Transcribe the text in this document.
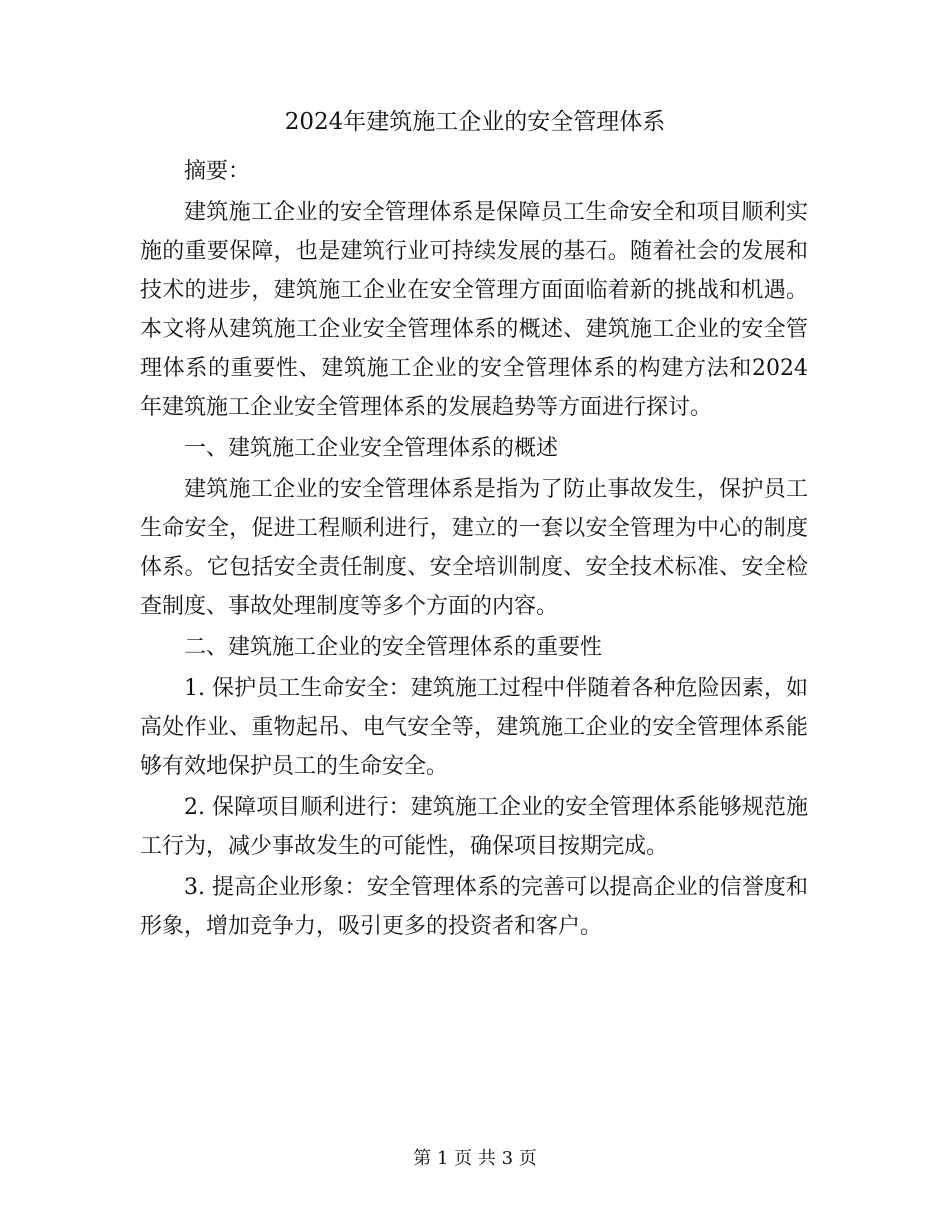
2024年建筑施工企业的安全管理体系

摘要：

建筑施工企业的安全管理体系是保障员工生命安全和项目顺利实施的重要保障，也是建筑行业可持续发展的基石。随着社会的发展和技术的进步，建筑施工企业在安全管理方面面临着新的挑战和机遇。本文将从建筑施工企业安全管理体系的概述、建筑施工企业的安全管理体系的重要性、建筑施工企业的安全管理体系的构建方法和2024年建筑施工企业安全管理体系的发展趋势等方面进行探讨。

一、建筑施工企业安全管理体系的概述

建筑施工企业的安全管理体系是指为了防止事故发生，保护员工生命安全，促进工程顺利进行，建立的一套以安全管理为中心的制度体系。它包括安全责任制度、安全培训制度、安全技术标准、安全检查制度、事故处理制度等多个方面的内容。

二、建筑施工企业的安全管理体系的重要性

1. 保护员工生命安全：建筑施工过程中伴随着各种危险因素，如高处作业、重物起吊、电气安全等，建筑施工企业的安全管理体系能够有效地保护员工的生命安全。

2. 保障项目顺利进行：建筑施工企业的安全管理体系能够规范施工行为，减少事故发生的可能性，确保项目按期完成。

3. 提高企业形象：安全管理体系的完善可以提高企业的信誉度和形象，增加竞争力，吸引更多的投资者和客户。

第 1 页 共 3 页
